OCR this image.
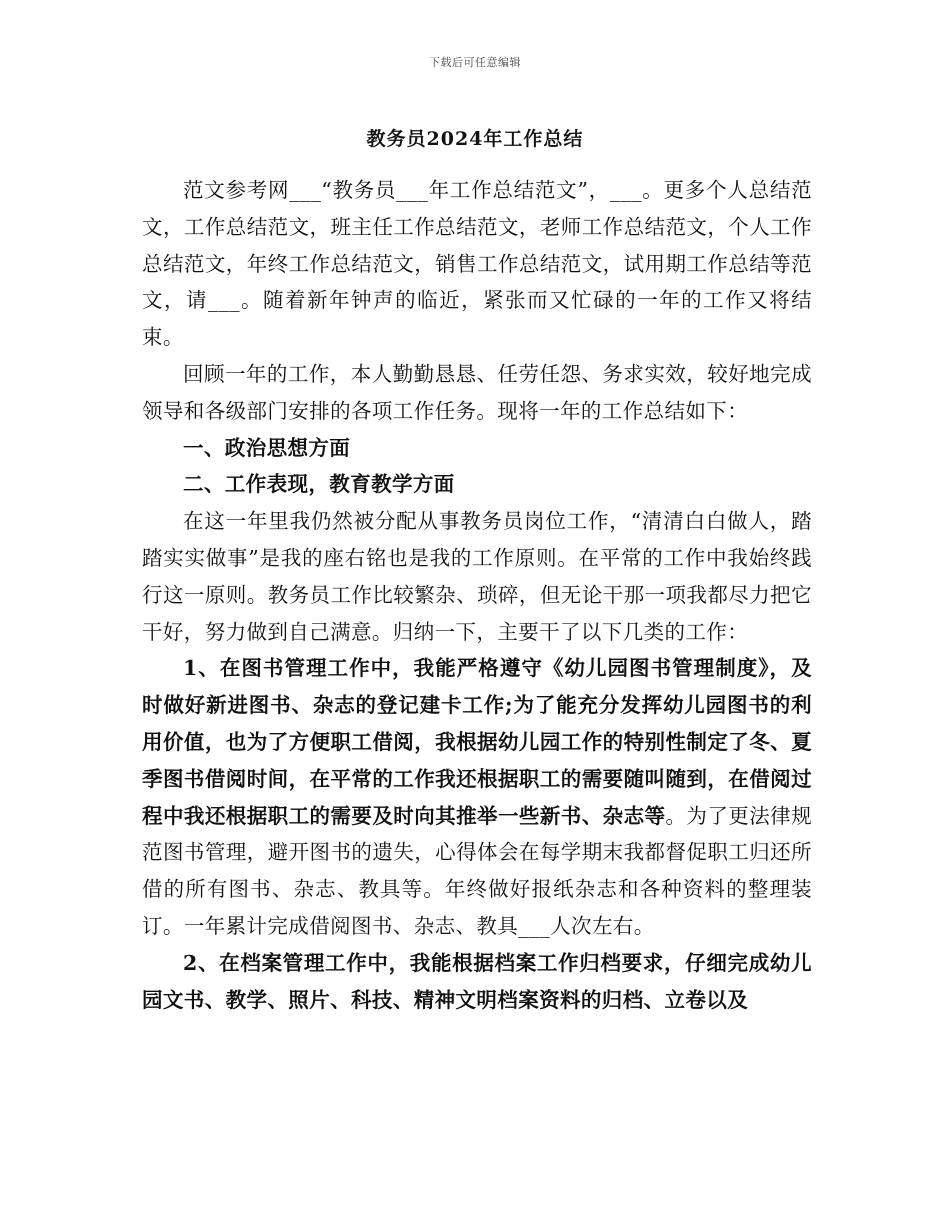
下载后可任意编辑
教务员2024年工作总结

范文参考网___“教务员___年工作总结范文”，___。更多个人总结范文，工作总结范文，班主任工作总结范文，老师工作总结范文，个人工作总结范文，年终工作总结范文，销售工作总结范文，试用期工作总结等范文，请___。随着新年钟声的临近，紧张而又忙碌的一年的工作又将结束。

回顾一年的工作，本人勤勤恳恳、任劳任怨、务求实效，较好地完成领导和各级部门安排的各项工作任务。现将一年的工作总结如下：

一、政治思想方面

二、工作表现，教育教学方面

在这一年里我仍然被分配从事教务员岗位工作，“清清白白做人，踏踏实实做事”是我的座右铭也是我的工作原则。在平常的工作中我始终践行这一原则。教务员工作比较繁杂、琐碎，但无论干那一项我都尽力把它干好，努力做到自己满意。归纳一下，主要干了以下几类的工作：

1、在图书管理工作中，我能严格遵守《幼儿园图书管理制度》，及时做好新进图书、杂志的登记建卡工作;为了能充分发挥幼儿园图书的利用价值，也为了方便职工借阅，我根据幼儿园工作的特别性制定了冬、夏季图书借阅时间，在平常的工作我还根据职工的需要随叫随到，在借阅过程中我还根据职工的需要及时向其推举一些新书、杂志等。为了更法律规范图书管理，避开图书的遗失，心得体会在每学期末我都督促职工归还所借的所有图书、杂志、教具等。年终做好报纸杂志和各种资料的整理装订。一年累计完成借阅图书、杂志、教具___人次左右。

2、在档案管理工作中，我能根据档案工作归档要求，仔细完成幼儿园文书、教学、照片、科技、精神文明档案资料的归档、立卷以及
